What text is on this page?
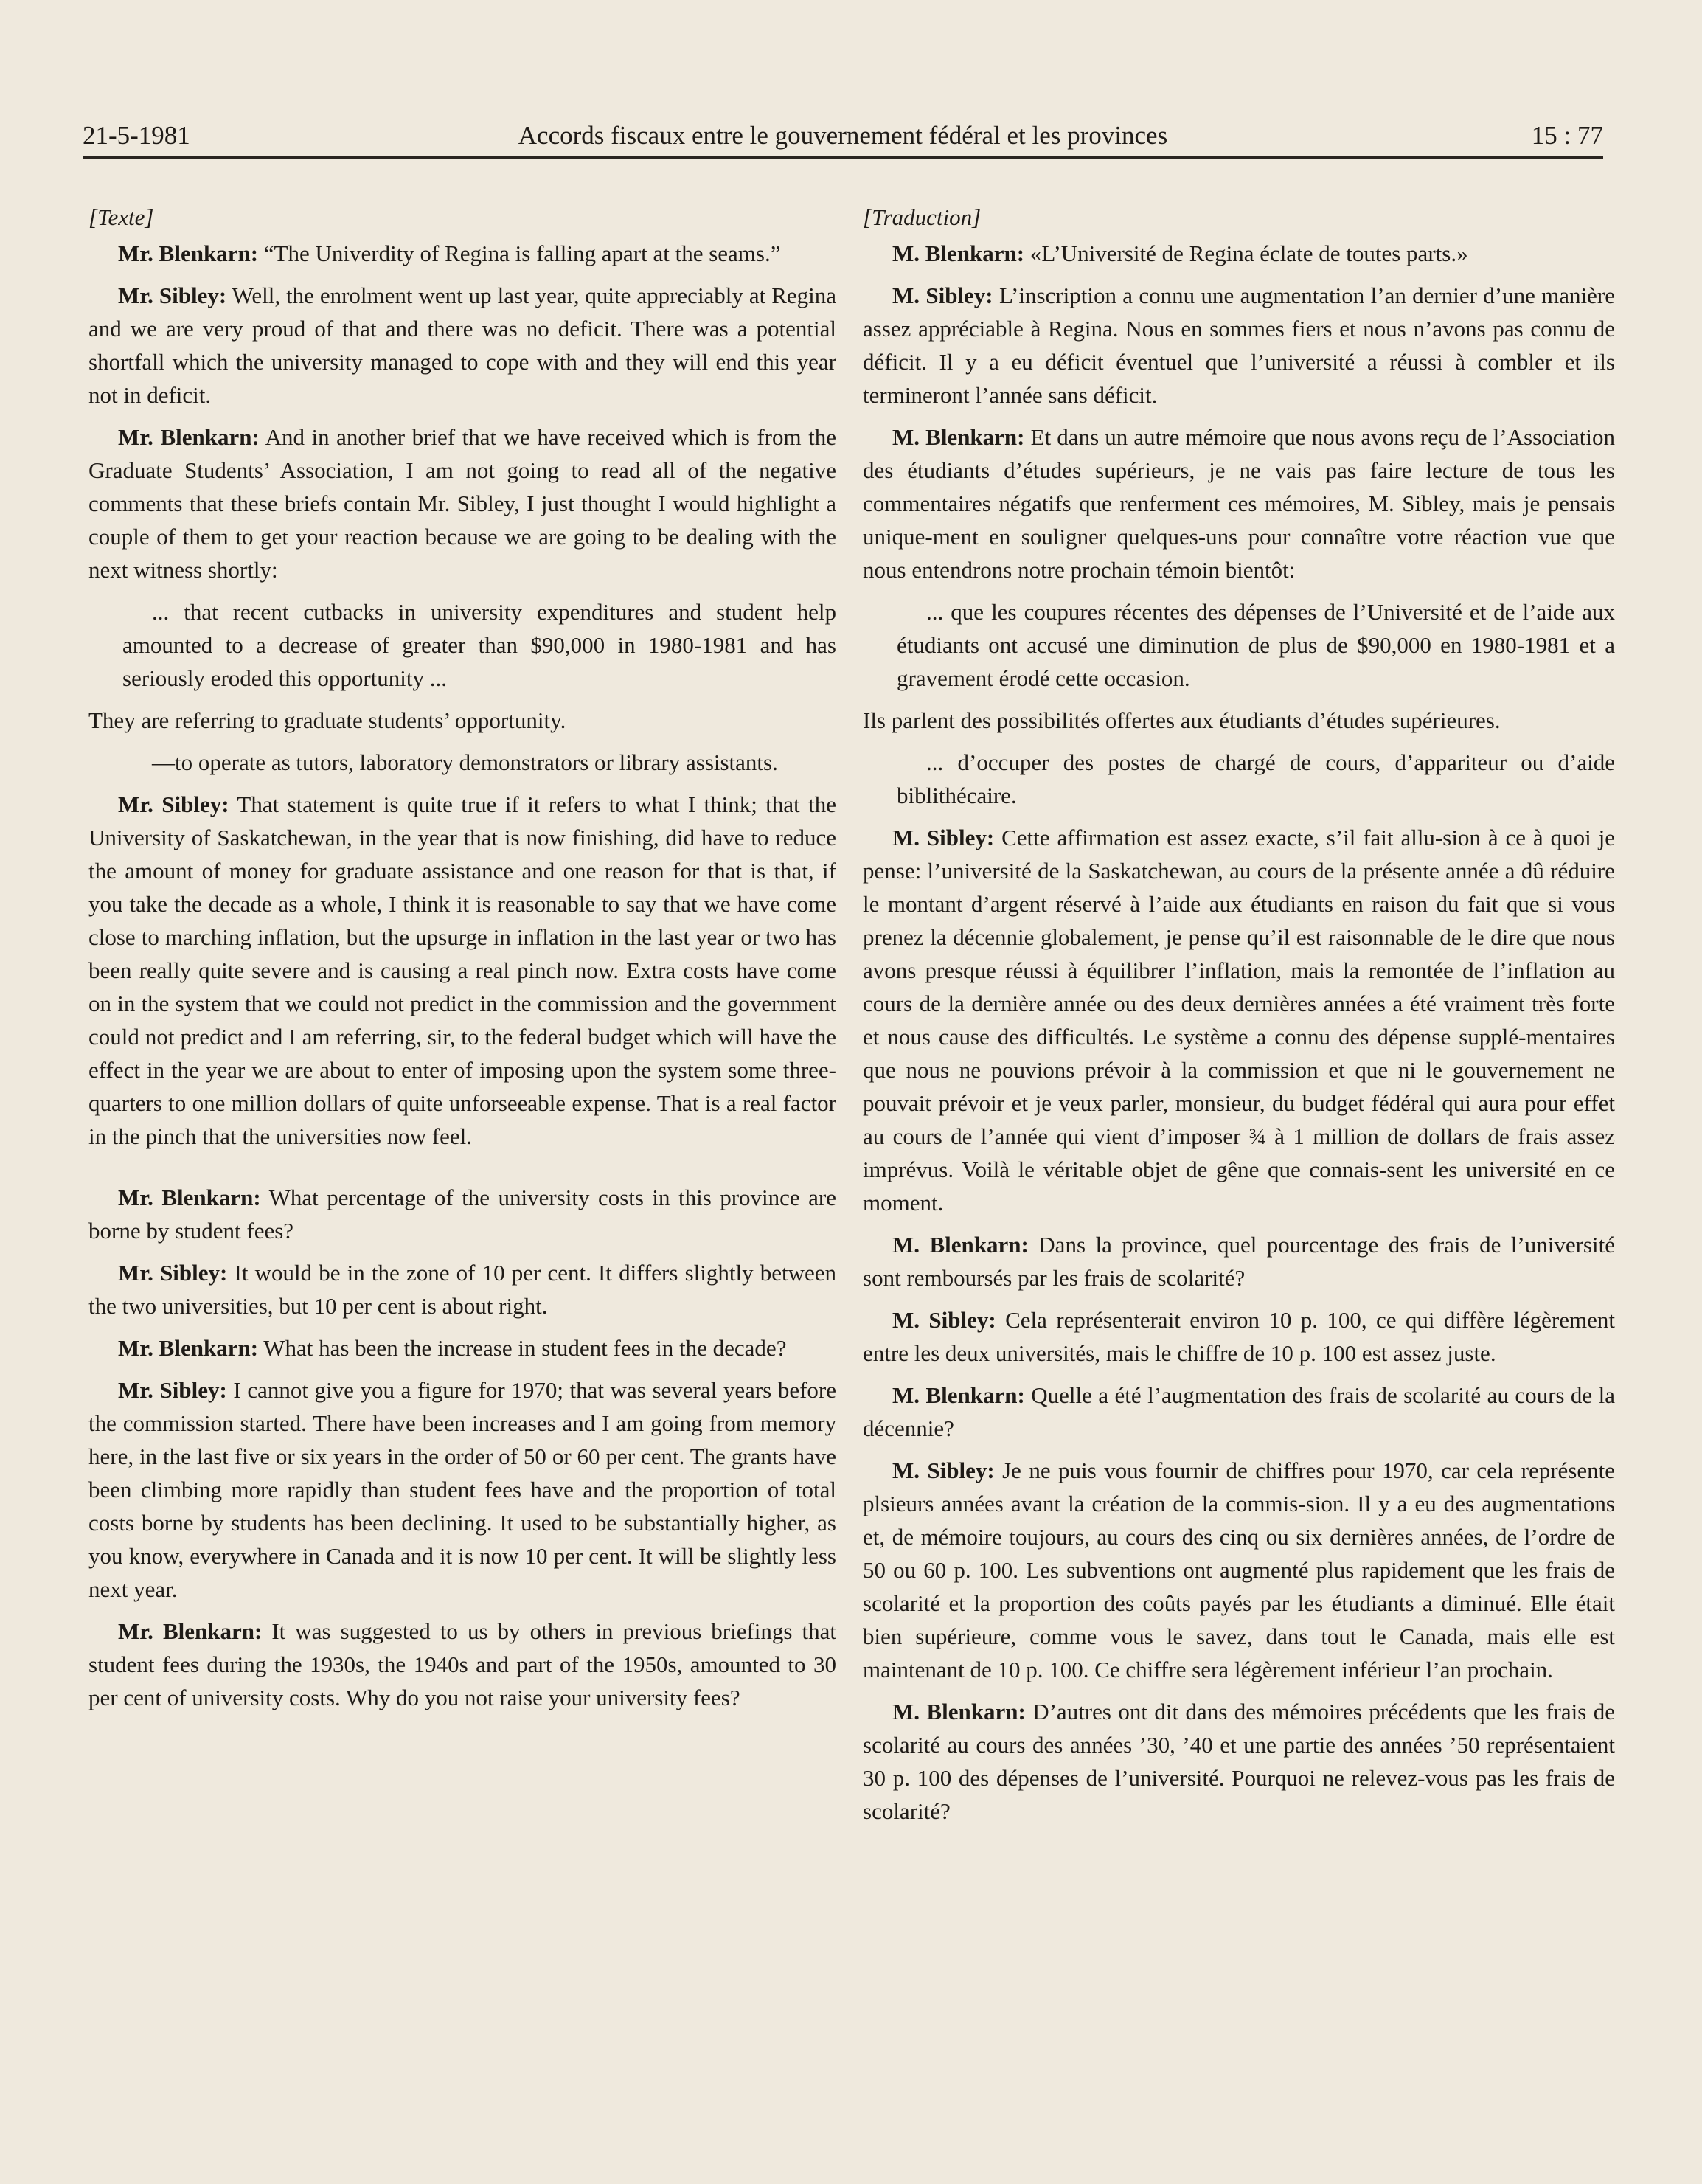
21-5-1981	Accords fiscaux entre le gouvernement fédéral et les provinces	15 : 77
[Texte]

Mr. Blenkarn: “The Univerdity of Regina is falling apart at the seams.”

Mr. Sibley: Well, the enrolment went up last year, quite appreciably at Regina and we are very proud of that and there was no deficit. There was a potential shortfall which the university managed to cope with and they will end this year not in deficit.

Mr. Blenkarn: And in another brief that we have received which is from the Graduate Students’ Association, I am not going to read all of the negative comments that these briefs contain Mr. Sibley, I just thought I would highlight a couple of them to get your reaction because we are going to be dealing with the next witness shortly:

... that recent cutbacks in university expenditures and student help amounted to a decrease of greater than $90,000 in 1980-1981 and has seriously eroded this opportunity ...

They are referring to graduate students’ opportunity.

—to operate as tutors, laboratory demonstrators or library assistants.

Mr. Sibley: That statement is quite true if it refers to what I think; that the University of Saskatchewan, in the year that is now finishing, did have to reduce the amount of money for graduate assistance and one reason for that is that, if you take the decade as a whole, I think it is reasonable to say that we have come close to marching inflation, but the upsurge in inflation in the last year or two has been really quite severe and is causing a real pinch now. Extra costs have come on in the system that we could not predict in the commission and the government could not predict and I am referring, sir, to the federal budget which will have the effect in the year we are about to enter of imposing upon the system some three-quarters to one million dollars of quite unforseeable expense. That is a real factor in the pinch that the universities now feel.

Mr. Blenkarn: What percentage of the university costs in this province are borne by student fees?

Mr. Sibley: It would be in the zone of 10 per cent. It differs slightly between the two universities, but 10 per cent is about right.

Mr. Blenkarn: What has been the increase in student fees in the decade?

Mr. Sibley: I cannot give you a figure for 1970; that was several years before the commission started. There have been increases and I am going from memory here, in the last five or six years in the order of 50 or 60 per cent. The grants have been climbing more rapidly than student fees have and the proportion of total costs borne by students has been declining. It used to be substantially higher, as you know, everywhere in Canada and it is now 10 per cent. It will be slightly less next year.

Mr. Blenkarn: It was suggested to us by others in previous briefings that student fees during the 1930s, the 1940s and part of the 1950s, amounted to 30 per cent of university costs. Why do you not raise your university fees?

[Traduction]

M. Blenkarn: «L’Université de Regina éclate de toutes parts.»

M. Sibley: L’inscription a connu une augmentation l’an dernier d’une manière assez appréciable à Regina. Nous en sommes fiers et nous n’avons pas connu de déficit. Il y a eu déficit éventuel que l’université a réussi à combler et ils termineront l’année sans déficit.

M. Blenkarn: Et dans un autre mémoire que nous avons reçu de l’Association des étudiants d’études supérieurs, je ne vais pas faire lecture de tous les commentaires négatifs que renferment ces mémoires, M. Sibley, mais je pensais unique-ment en souligner quelques-uns pour connaître votre réaction vue que nous entendrons notre prochain témoin bientôt:

... que les coupures récentes des dépenses de l’Université et de l’aide aux étudiants ont accusé une diminution de plus de $90,000 en 1980-1981 et a gravement érodé cette occasion.

Ils parlent des possibilités offertes aux étudiants d’études supérieures.

... d’occuper des postes de chargé de cours, d’appariteur ou d’aide biblithécaire.

M. Sibley: Cette affirmation est assez exacte, s’il fait allu-sion à ce à quoi je pense: l’université de la Saskatchewan, au cours de la présente année a dû réduire le montant d’argent réservé à l’aide aux étudiants en raison du fait que si vous prenez la décennie globalement, je pense qu’il est raisonnable de le dire que nous avons presque réussi à équilibrer l’inflation, mais la remontée de l’inflation au cours de la dernière année ou des deux dernières années a été vraiment très forte et nous cause des difficultés. Le système a connu des dépense supplé-mentaires que nous ne pouvions prévoir à la commission et que ni le gouvernement ne pouvait prévoir et je veux parler, monsieur, du budget fédéral qui aura pour effet au cours de l’année qui vient d’imposer ¾ à 1 million de dollars de frais assez imprévus. Voilà le véritable objet de gêne que connais-sent les université en ce moment.

M. Blenkarn: Dans la province, quel pourcentage des frais de l’université sont remboursés par les frais de scolarité?

M. Sibley: Cela représenterait environ 10 p. 100, ce qui diffère légèrement entre les deux universités, mais le chiffre de 10 p. 100 est assez juste.

M. Blenkarn: Quelle a été l’augmentation des frais de scolarité au cours de la décennie?

M. Sibley: Je ne puis vous fournir de chiffres pour 1970, car cela représente plsieurs années avant la création de la commis-sion. Il y a eu des augmentations et, de mémoire toujours, au cours des cinq ou six dernières années, de l’ordre de 50 ou 60 p. 100. Les subventions ont augmenté plus rapidement que les frais de scolarité et la proportion des coûts payés par les étudiants a diminué. Elle était bien supérieure, comme vous le savez, dans tout le Canada, mais elle est maintenant de 10 p. 100. Ce chiffre sera légèrement inférieur l’an prochain.

M. Blenkarn: D’autres ont dit dans des mémoires précédents que les frais de scolarité au cours des années ’30, ’40 et une partie des années ’50 représentaient 30 p. 100 des dépenses de l’université. Pourquoi ne relevez-vous pas les frais de scolarité?
